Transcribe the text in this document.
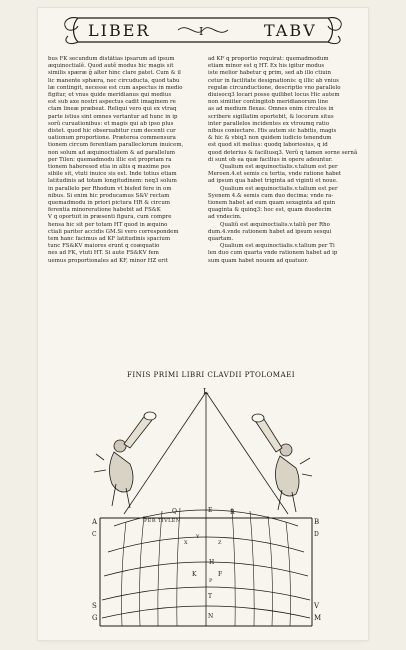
LIBER	I	TABV
bus FK secundum distãtias ipsarum ad ipsum
æquinoctialẽ. Quod autẽ modus hic magis sit
similis spæræ ĝ alter hinc clare patet. Cum & il
lic manente sphæra, nec circuducta, quod tabu
læ contingit, necesse est cum aspectus in medio
figitur, et vnus quide meridianus qui medius
est sub axe nostri aspectus cadit imaginem re
ctam lineæ præbeat. Reliqui vero qui ex vtraq
parte istius sint omnes vertantur ad hunc in ip
sorũ curuationibus: et magis qui ab ipso plus
distet. quod hic obseruabitur cum decenti cur
uationum proportione. Præterea commensura
tionem circum ferentiam paralleclorum inuicem,
non solum ad æquinoctialem & ad parallelum
per Tilen: quemadmodu illic est propriam ra
tionem haberesed etia in aliis q maxime pos
sibile sit, vtuti inuice sis est. Inde totius etiam
latitudinis ad totam longitudinem: neq3 solum
in parallelo per Rhodum vt bisfed fere in om
nibus. Si enim hic producamus S&V rectam
quemadmodu in priori pictura HR & circum
ferentia minoreratione habebit ad FS&K
V q oportuit in præsenti figura, cum compre
hensa hic sit per totam HT quod in æquino
ctiali pariter accidis GM.Si vero correspondem
tem hanc facimus ad KF latitudinis spacium
tunc FS&KV maiores erunt q coæquatio
nes ad FK, vtuti HT. Si aute FS&KV fem
uemus proportionales ad KF, minor HZ erit
ad KF q proportio requirat: quemadmodum
etiam minor est q HT. Ex his igitur modus
iste melior habetur q prim, sed ab illo ctiuin
cetur in facilitate designationis: q illic ab vnius
regulæ circunductione, descriptio vno parallelo
diuisocq3 locari posse quilibet locus Hic autem
non simiiter contingitob meridianorum line
as ad medium flexas. Omnes enim circulos in
scribere sigillatim oportebit, & locorum situs
inter parallelos incidentes ex vtroumq ratio
nibus coniectare. His autem sic habitis, magis
& hic & vbiq3 non quidem iudicio tenendum
est quod sit melius: quodq laboriosius, q id
quod deterius & faciliusq3. Verũ q tamen sorne sernã
di sunt ob ea quæ facilius in opere adeuntur.
Qualium est æquinoctialis.v.talium est per
Meroen.4.et semis cu tertia, vnde ratione habet
ad ipsum qua habet triginta ad viginti et noue.
Qualium est æquinoctialis.v.talium est per
Syenem 4.& semis cum duo decima: vnde ra-
tionem habet ad eum quam sexaginta ad quin
quaginta & quinq3: hoc est, quam duodecim
ad vndecim.
Qualiũ est æquinoctialis.v.taliũ per Rho
dum.4.vnde rationem habet ad ipsum sesqui
quartam.
Qualium est æquinoctialis.v.talium per Ti
len duo cum quarta vnde rationem habet ad ip
sum quam habet nouem ad quatuor.
FINIS PRIMI LIBRI CLAVDII PTOLOMAEI
L
Q	E	R
A	B
C	D
H
K	F
S
G
V
M
T
X
Y
Z
N
P
PER TIVLEN
